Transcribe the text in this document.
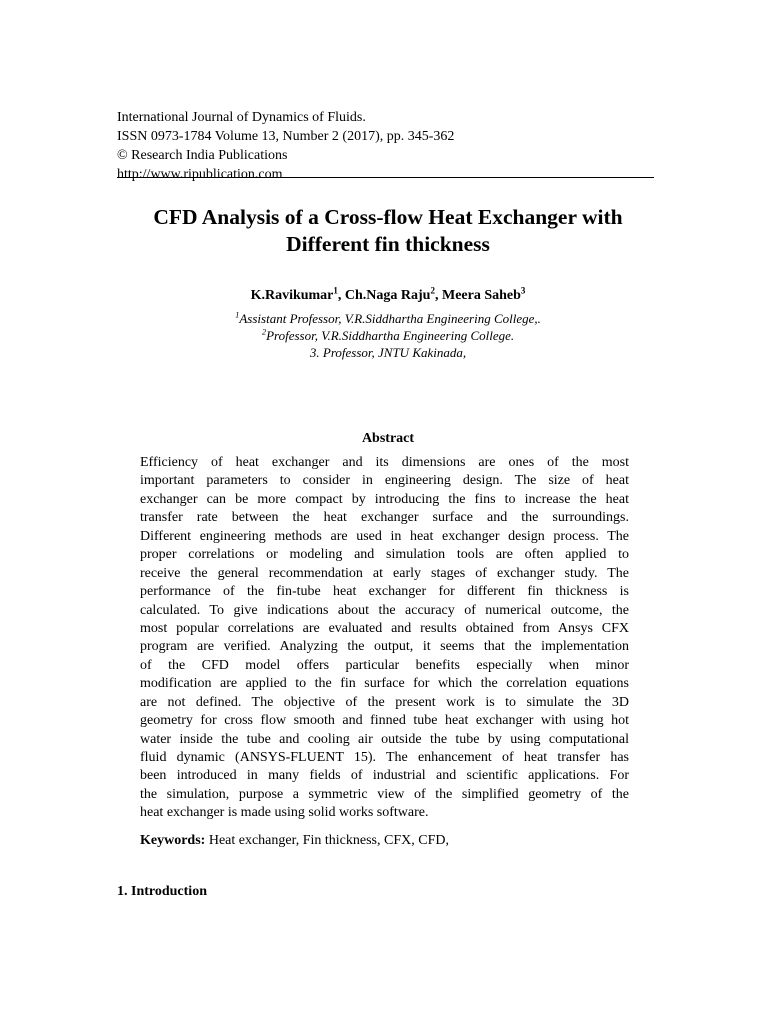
International Journal of Dynamics of Fluids.
ISSN 0973-1784 Volume 13, Number 2 (2017), pp. 345-362
© Research India Publications
http://www.ripublication.com
CFD Analysis of a Cross-flow Heat Exchanger with
Different fin thickness
K.Ravikumar$^1$, Ch.Naga Raju$^2$, Meera Saheb$^3$
$^1$Assistant Professor, V.R.Siddhartha Engineering College,.
$^2$Professor, V.R.Siddhartha Engineering College.
3. Professor, JNTU Kakinada,
Abstract
Efficiency of heat exchanger and its dimensions are ones of the most
important parameters to consider in engineering design. The size of heat
exchanger can be more compact by introducing the fins to increase the heat
transfer rate between the heat exchanger surface and the surroundings.
Different engineering methods are used in heat exchanger design process. The
proper correlations or modeling and simulation tools are often applied to
receive the general recommendation at early stages of exchanger study. The
performance of the fin-tube heat exchanger for different fin thickness is
calculated. To give indications about the accuracy of numerical outcome, the
most popular correlations are evaluated and results obtained from Ansys CFX
program are verified. Analyzing the output, it seems that the implementation
of the CFD model offers particular benefits especially when minor
modification are applied to the fin surface for which the correlation equations
are not defined. The objective of the present work is to simulate the 3D
geometry for cross flow smooth and finned tube heat exchanger with using hot
water inside the tube and cooling air outside the tube by using computational
fluid dynamic (ANSYS-FLUENT 15). The enhancement of heat transfer has
been introduced in many fields of industrial and scientific applications. For
the simulation, purpose a symmetric view of the simplified geometry of the
heat exchanger is made using solid works software.
Keywords: Heat exchanger, Fin thickness, CFX, CFD,
1. Introduction
